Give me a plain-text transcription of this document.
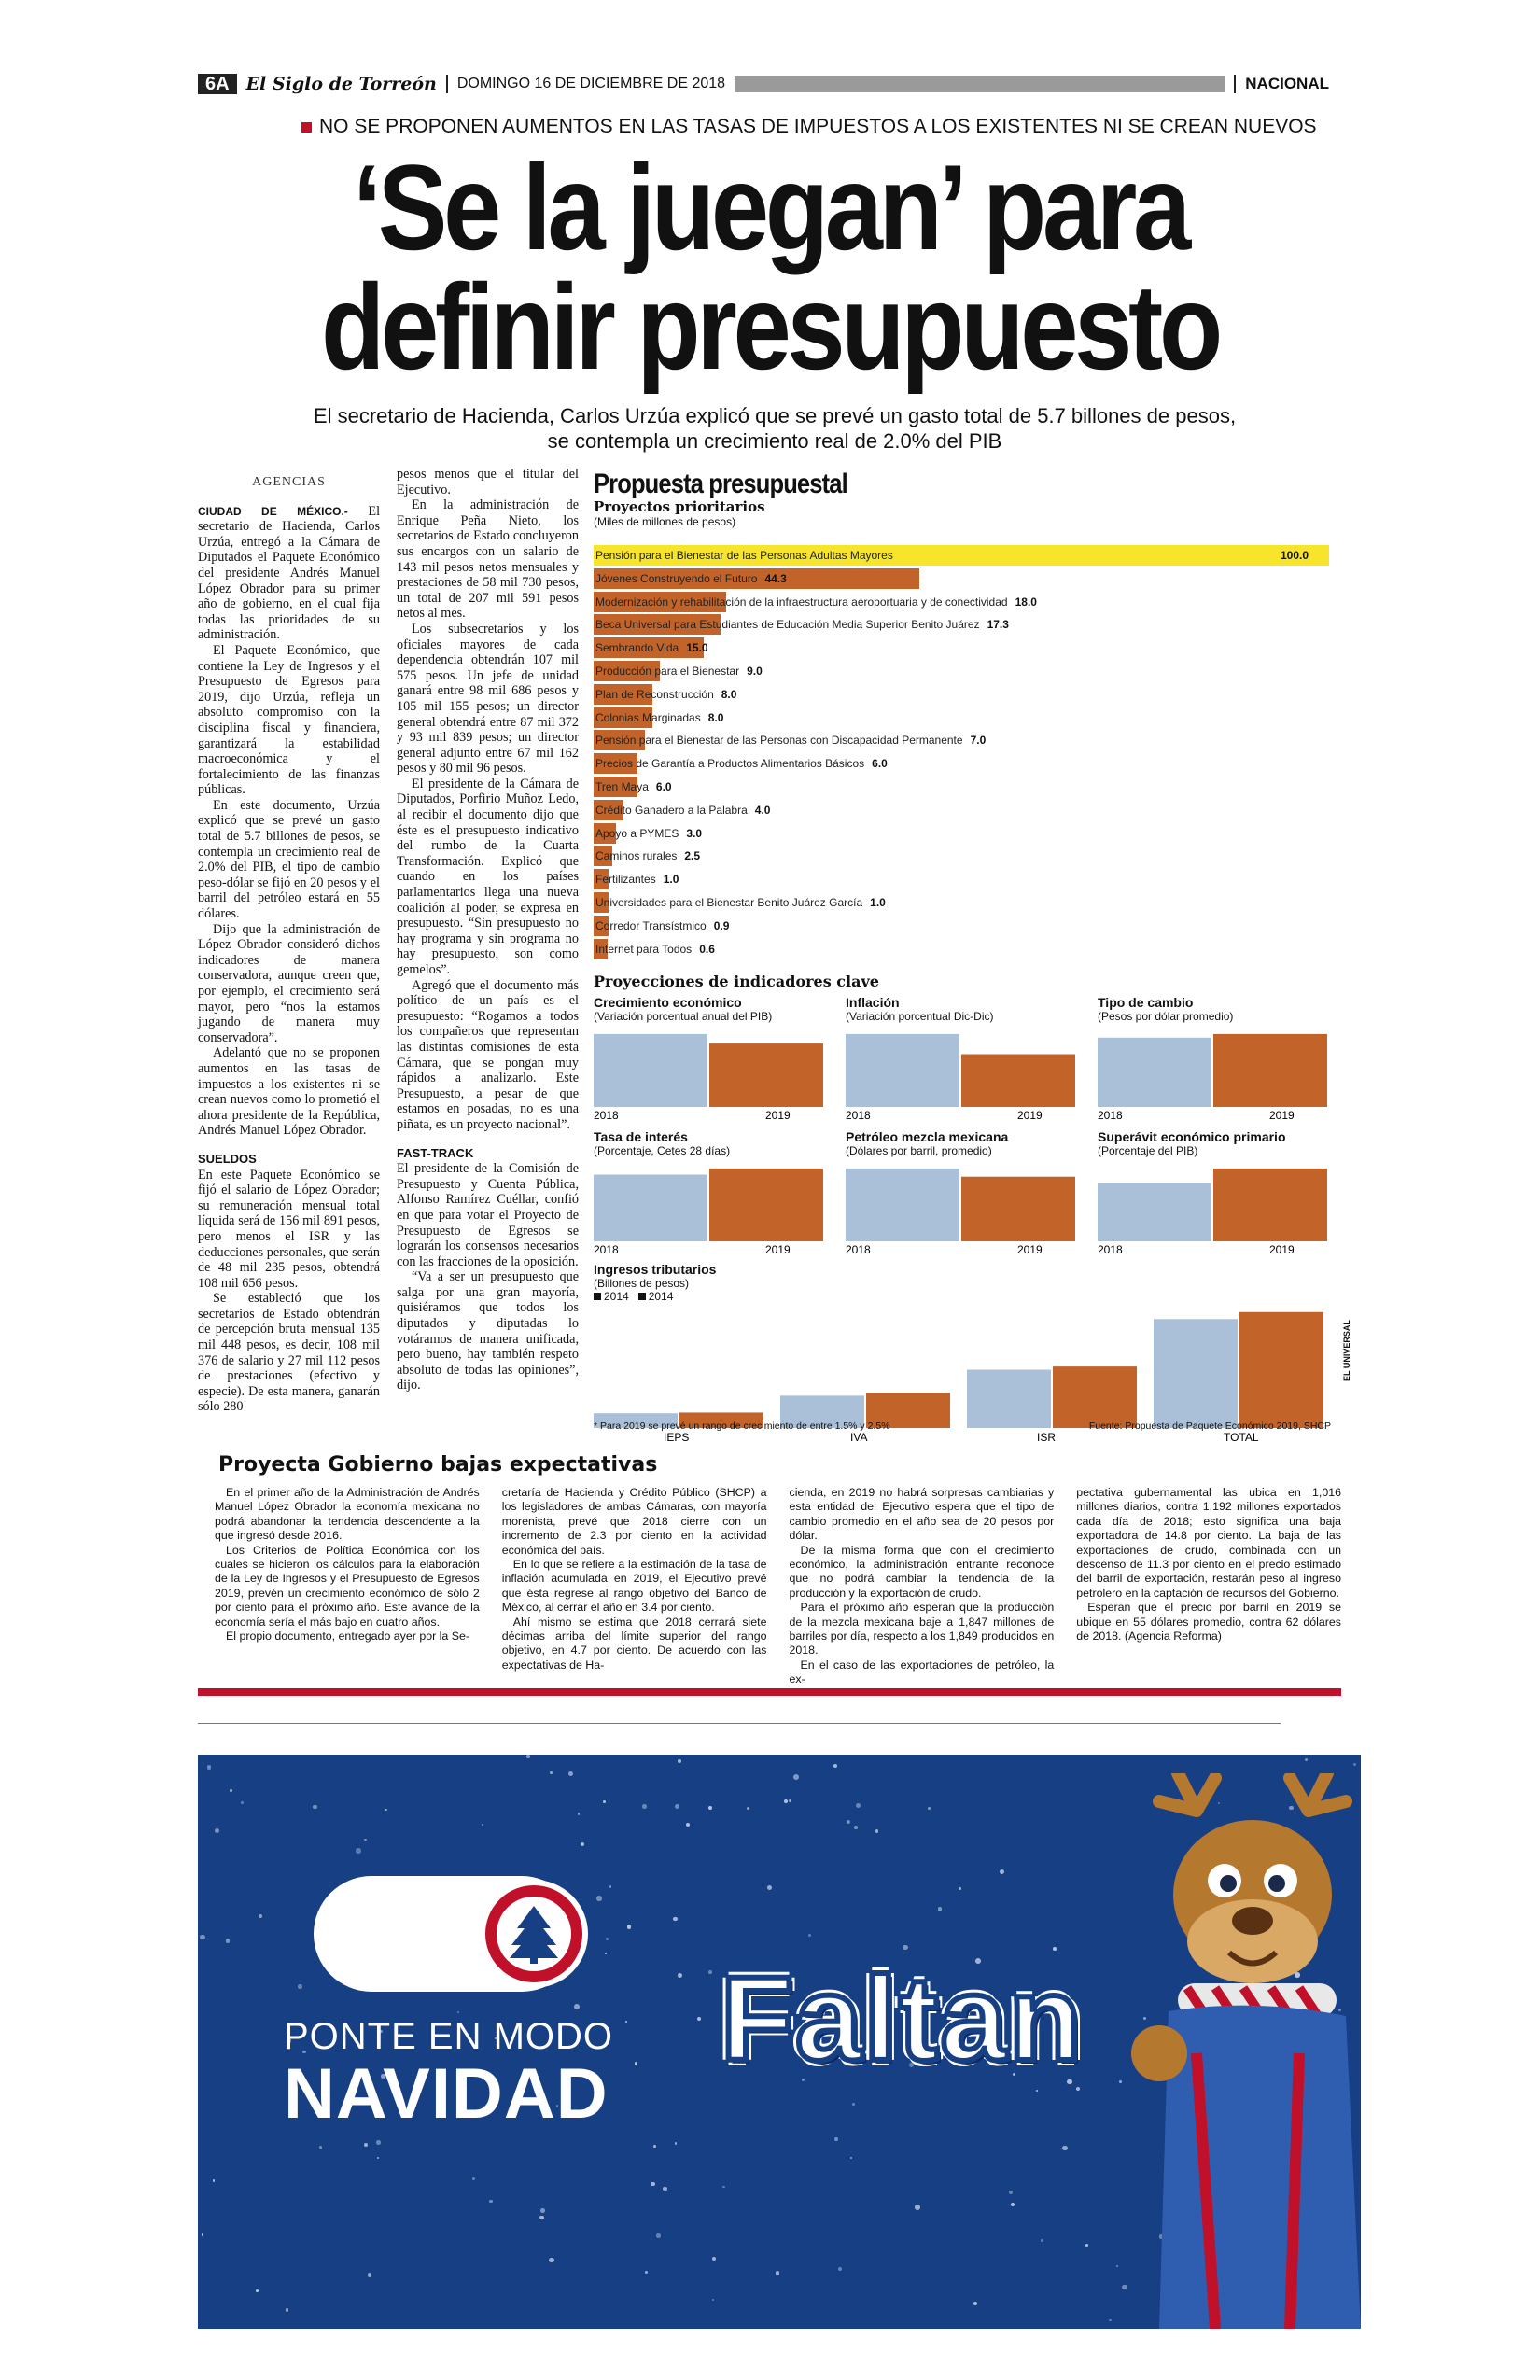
6A El Siglo de Torreón DOMINGO 16 DE DICIEMBRE DE 2018	NACIONAL
NO SE PROPONEN AUMENTOS EN LAS TASAS DE IMPUESTOS A LOS EXISTENTES NI SE CREAN NUEVOS
‘Se la juegan’ para definir presupuesto
El secretario de Hacienda, Carlos Urzúa explicó que se prevé un gasto total de 5.7 billones de pesos, se contempla un crecimiento real de 2.0% del PIB
AGENCIAS

CIUDAD DE MÉXICO.- El secretario de Hacienda, Carlos Urzúa, entregó a la Cámara de Diputados el Paquete Económico del presidente Andrés Manuel López Obrador para su primer año de gobierno, en el cual fija todas las prioridades de su administración.

El Paquete Económico, que contiene la Ley de Ingresos y el Presupuesto de Egresos para 2019, dijo Urzúa, refleja un absoluto compromiso con la disciplina fiscal y financiera, garantizará la estabilidad macroeconómica y el fortalecimiento de las finanzas públicas.

En este documento, Urzúa explicó que se prevé un gasto total de 5.7 billones de pesos, se contempla un crecimiento real de 2.0% del PIB, el tipo de cambio peso-dólar se fijó en 20 pesos y el barril del petróleo estará en 55 dólares.

Dijo que la administración de López Obrador consideró dichos indicadores de manera conservadora, aunque creen que, por ejemplo, el crecimiento será mayor, pero “nos la estamos jugando de manera muy conservadora”.

Adelantó que no se proponen aumentos en las tasas de impuestos a los existentes ni se crean nuevos como lo prometió el ahora presidente de la República, Andrés Manuel López Obrador.

SUELDOS

En este Paquete Económico se fijó el salario de López Obrador; su remuneración mensual total líquida será de 156 mil 891 pesos, pero menos el ISR y las deducciones personales, que serán de 48 mil 235 pesos, obtendrá 108 mil 656 pesos.

Se estableció que los secretarios de Estado obtendrán de percepción bruta mensual 135 mil 448 pesos, es decir, 108 mil 376 de salario y 27 mil 112 pesos de prestaciones (efectivo y especie). De esta manera, ganarán sólo 280

pesos menos que el titular del Ejecutivo.

En la administración de Enrique Peña Nieto, los secretarios de Estado concluyeron sus encargos con un salario de 143 mil pesos netos mensuales y prestaciones de 58 mil 730 pesos, un total de 207 mil 591 pesos netos al mes.

Los subsecretarios y los oficiales mayores de cada dependencia obtendrán 107 mil 575 pesos. Un jefe de unidad ganará entre 98 mil 686 pesos y 105 mil 155 pesos; un director general obtendrá entre 87 mil 372 y 93 mil 839 pesos; un director general adjunto entre 67 mil 162 pesos y 80 mil 96 pesos.

El presidente de la Cámara de Diputados, Porfirio Muñoz Ledo, al recibir el documento dijo que éste es el presupuesto indicativo del rumbo de la Cuarta Transformación. Explicó que cuando en los países parlamentarios llega una nueva coalición al poder, se expresa en presupuesto. “Sin presupuesto no hay programa y sin programa no hay presupuesto, son como gemelos”.

Agregó que el documento más político de un país es el presupuesto: “Rogamos a todos los compañeros que representan las distintas comisiones de esta Cámara, que se pongan muy rápidos a analizarlo. Este Presupuesto, a pesar de que estamos en posadas, no es una piñata, es un proyecto nacional”.

FAST-TRACK

El presidente de la Comisión de Presupuesto y Cuenta Pública, Alfonso Ramírez Cuéllar, confió en que para votar el Proyecto de Presupuesto de Egresos se lograrán los consensos necesarios con las fracciones de la oposición.

“Va a ser un presupuesto que salga por una gran mayoría, quisiéramos que todos los diputados y diputadas lo votáramos de manera unificada, pero bueno, hay también respeto absoluto de todas las opiniones”, dijo.

Propuesta presupuestal
Proyectos prioritarios
(Miles de millones de pesos)
Pensión para el Bienestar de las Personas Adultas Mayores	100.0
Jóvenes Construyendo el Futuro 44.3
Modernización y rehabilitación de la infraestructura aeroportuaria y de conectividad 18.0
Beca Universal para Estudiantes de Educación Media Superior Benito Juárez 17.3
Sembrando Vida 15.0
Producción para el Bienestar 9.0
Plan de Reconstrucción 8.0
Colonias Marginadas 8.0
Pensión para el Bienestar de las Personas con Discapacidad Permanente 7.0
Precios de Garantía a Productos Alimentarios Básicos 6.0
Tren Maya 6.0
Crédito Ganadero a la Palabra 4.0
Apoyo a PYMES 3.0
Caminos rurales 2.5
Fertilizantes 1.0
Universidades para el Bienestar Benito Juárez García 1.0
Corredor Transístmico 0.9
Internet para Todos 0.6
Proyecciones de indicadores clave
Crecimiento económico
(Variación porcentual anual del PIB)
2018	2019
Inflación
(Variación porcentual Dic-Dic)
2018	2019
Tipo de cambio
(Pesos por dólar promedio)
2018	2019
Tasa de interés
(Porcentaje, Cetes 28 días)
2018	2019
Petróleo mezcla mexicana
(Dólares por barril, promedio)
2018	2019
Superávit económico primario
(Porcentaje del PIB)
2018	2019
Ingresos tributarios
(Billones de pesos)
2014 2014
IEPS	IVA	ISR	TOTAL
* Para 2019 se prevé un rango de crecimiento de entre 1.5% y 2.5%	Fuente: Propuesta de Paquete Económico 2019, SHCP
EL UNIVERSAL
Proyecta Gobierno bajas expectativas

En el primer año de la Administración de Andrés Manuel López Obrador la economía mexicana no podrá abandonar la tendencia descendente a la que ingresó desde 2016.

Los Criterios de Política Económica con los cuales se hicieron los cálculos para la elaboración de la Ley de Ingresos y el Presupuesto de Egresos 2019, prevén un crecimiento económico de sólo 2 por ciento para el próximo año. Este avance de la economía sería el más bajo en cuatro años.

El propio documento, entregado ayer por la Se-

cretaría de Hacienda y Crédito Público (SHCP) a los legisladores de ambas Cámaras, con mayoría morenista, prevé que 2018 cierre con un incremento de 2.3 por ciento en la actividad económica del país.

En lo que se refiere a la estimación de la tasa de inflación acumulada en 2019, el Ejecutivo prevé que ésta regrese al rango objetivo del Banco de México, al cerrar el año en 3.4 por ciento.

Ahí mismo se estima que 2018 cerrará siete décimas arriba del límite superior del rango objetivo, en 4.7 por ciento. De acuerdo con las expectativas de Ha-

cienda, en 2019 no habrá sorpresas cambiarias y esta entidad del Ejecutivo espera que el tipo de cambio promedio en el año sea de 20 pesos por dólar.

De la misma forma que con el crecimiento económico, la administración entrante reconoce que no podrá cambiar la tendencia de la producción y la exportación de crudo.

Para el próximo año esperan que la producción de la mezcla mexicana baje a 1,847 millones de barriles por día, respecto a los 1,849 producidos en 2018.

En el caso de las exportaciones de petróleo, la ex-

pectativa gubernamental las ubica en 1,016 millones diarios, contra 1,192 millones exportados cada día de 2018; esto significa una baja exportadora de 14.8 por ciento. La baja de las exportaciones de crudo, combinada con un descenso de 11.3 por ciento en el precio estimado del barril de exportación, restarán peso al ingreso petrolero en la captación de recursos del Gobierno.

Esperan que el precio por barril en 2019 se ubique en 55 dólares promedio, contra 62 dólares de 2018. (Agencia Reforma)

PONTE EN MODO
NAVIDAD
Faltan
